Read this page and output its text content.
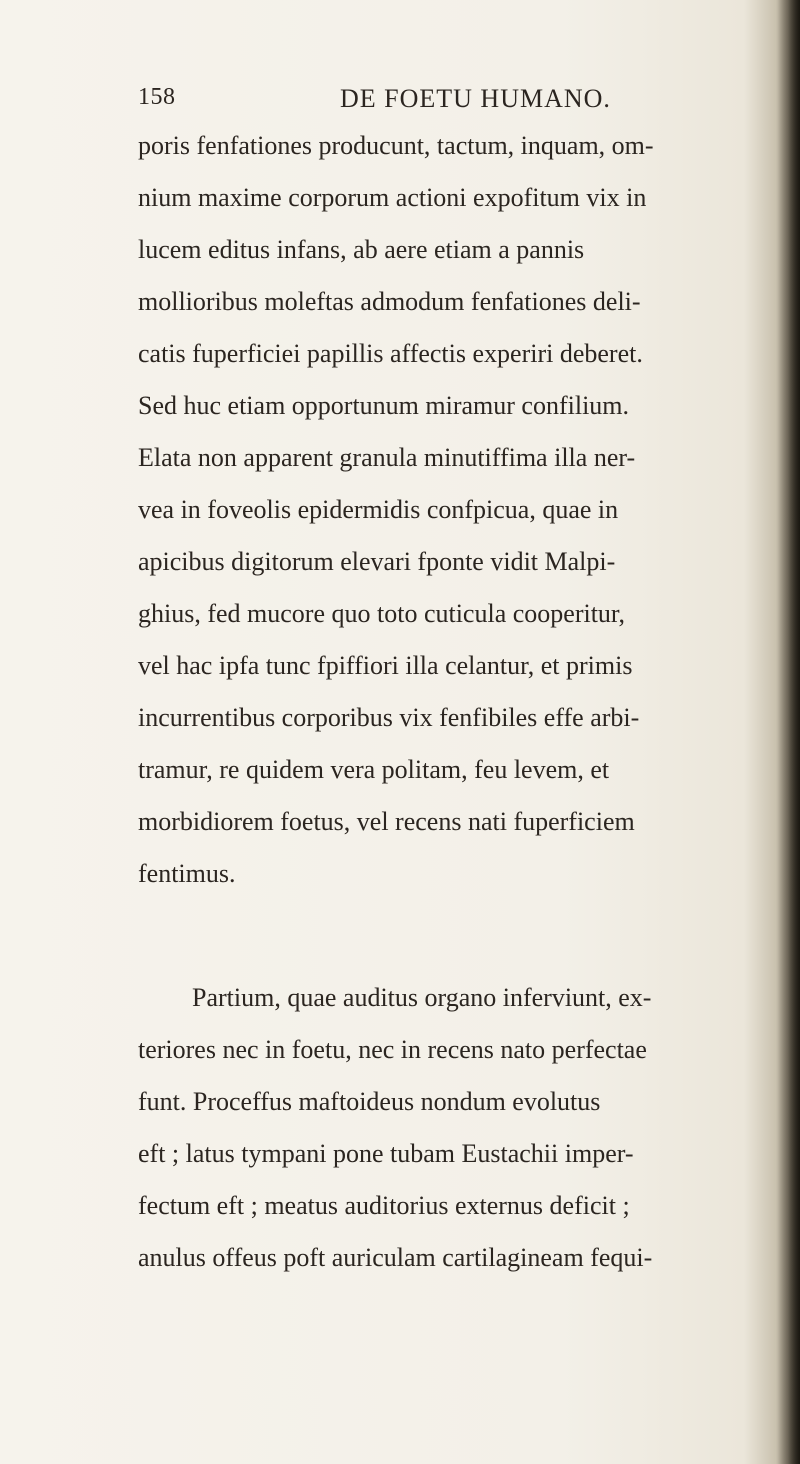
158	DE FOETU HUMANO.
poris fenfationes producunt, tactum, inquam, om-
nium maxime corporum actioni expofitum vix in
lucem editus infans, ab aere etiam a pannis
mollioribus moleftas admodum fenfationes deli-
catis fuperficiei papillis affectis experiri deberet.
Sed huc etiam opportunum miramur confilium.
Elata non apparent granula minutiffima illa ner-
vea in foveolis epidermidis confpicua, quae in
apicibus digitorum elevari fponte vidit Malpi-
ghius, fed mucore quo toto cuticula cooperitur,
vel hac ipfa tunc fpiffiori illa celantur, et primis
incurrentibus corporibus vix fenfibiles effe arbi-
tramur, re quidem vera politam, feu levem, et
morbidiorem foetus, vel recens nati fuperficiem
fentimus.
Partium, quae auditus organo inferviunt, ex-
teriores nec in foetu, nec in recens nato perfectae
funt. Proceffus maftoideus nondum evolutus
eft ; latus tympani pone tubam Eustachii imper-
fectum eft ; meatus auditorius externus deficit ;
anulus offeus poft auriculam cartilagineam fequi-
